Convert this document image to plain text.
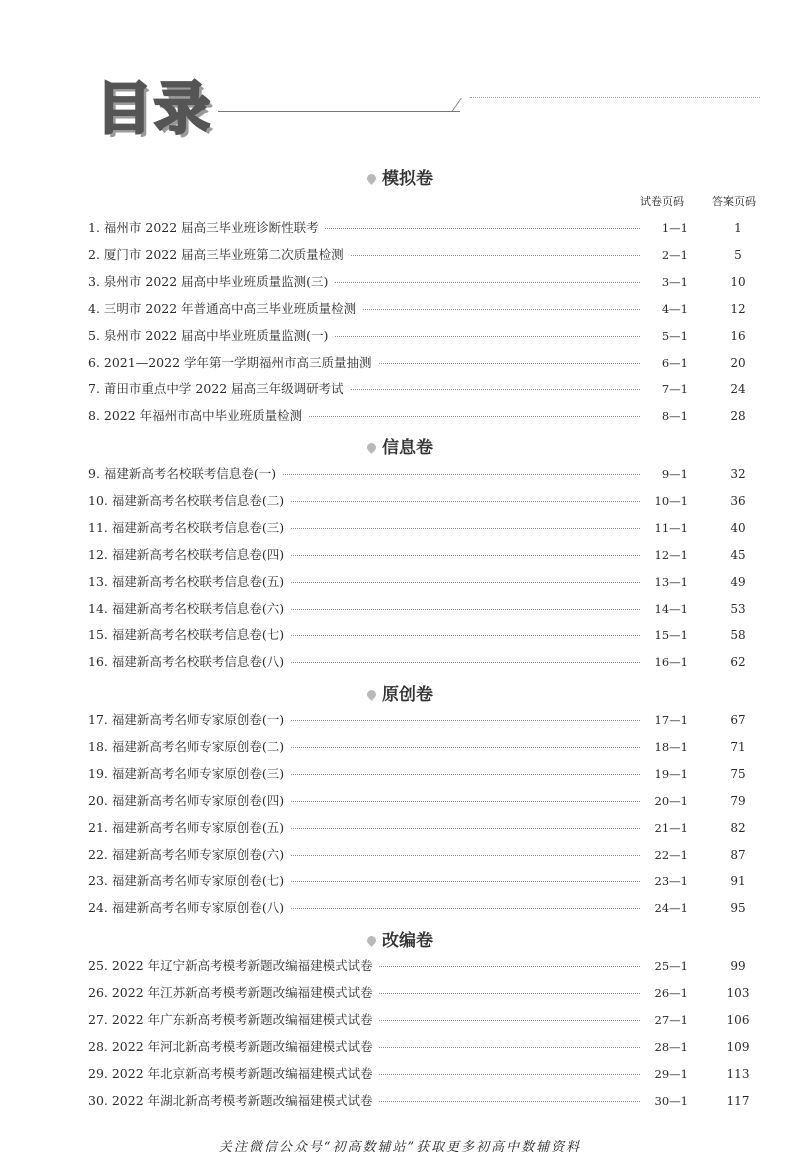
目录
试卷页码	答案页码
模拟卷
1. 福州市 2022 届高三毕业班诊断性联考	1—1	1
2. 厦门市 2022 届高三毕业班第二次质量检测	2—1	5
3. 泉州市 2022 届高中毕业班质量监测(三)	3—1	10
4. 三明市 2022 年普通高中高三毕业班质量检测	4—1	12
5. 泉州市 2022 届高中毕业班质量监测(一)	5—1	16
6. 2021—2022 学年第一学期福州市高三质量抽测	6—1	20
7. 莆田市重点中学 2022 届高三年级调研考试	7—1	24
8. 2022 年福州市高中毕业班质量检测	8—1	28
信息卷
9. 福建新高考名校联考信息卷(一)	9—1	32
10. 福建新高考名校联考信息卷(二)	10—1	36
11. 福建新高考名校联考信息卷(三)	11—1	40
12. 福建新高考名校联考信息卷(四)	12—1	45
13. 福建新高考名校联考信息卷(五)	13—1	49
14. 福建新高考名校联考信息卷(六)	14—1	53
15. 福建新高考名校联考信息卷(七)	15—1	58
16. 福建新高考名校联考信息卷(八)	16—1	62
原创卷
17. 福建新高考名师专家原创卷(一)	17—1	67
18. 福建新高考名师专家原创卷(二)	18—1	71
19. 福建新高考名师专家原创卷(三)	19—1	75
20. 福建新高考名师专家原创卷(四)	20—1	79
21. 福建新高考名师专家原创卷(五)	21—1	82
22. 福建新高考名师专家原创卷(六)	22—1	87
23. 福建新高考名师专家原创卷(七)	23—1	91
24. 福建新高考名师专家原创卷(八)	24—1	95
改编卷
25. 2022 年辽宁新高考模考新题改编福建模式试卷	25—1	99
26. 2022 年江苏新高考模考新题改编福建模式试卷	26—1	103
27. 2022 年广东新高考模考新题改编福建模式试卷	27—1	106
28. 2022 年河北新高考模考新题改编福建模式试卷	28—1	109
29. 2022 年北京新高考模考新题改编福建模式试卷	29—1	113
30. 2022 年湖北新高考模考新题改编福建模式试卷	30—1	117
关注微信公众号“初高数辅站”获取更多初高中数辅资料
